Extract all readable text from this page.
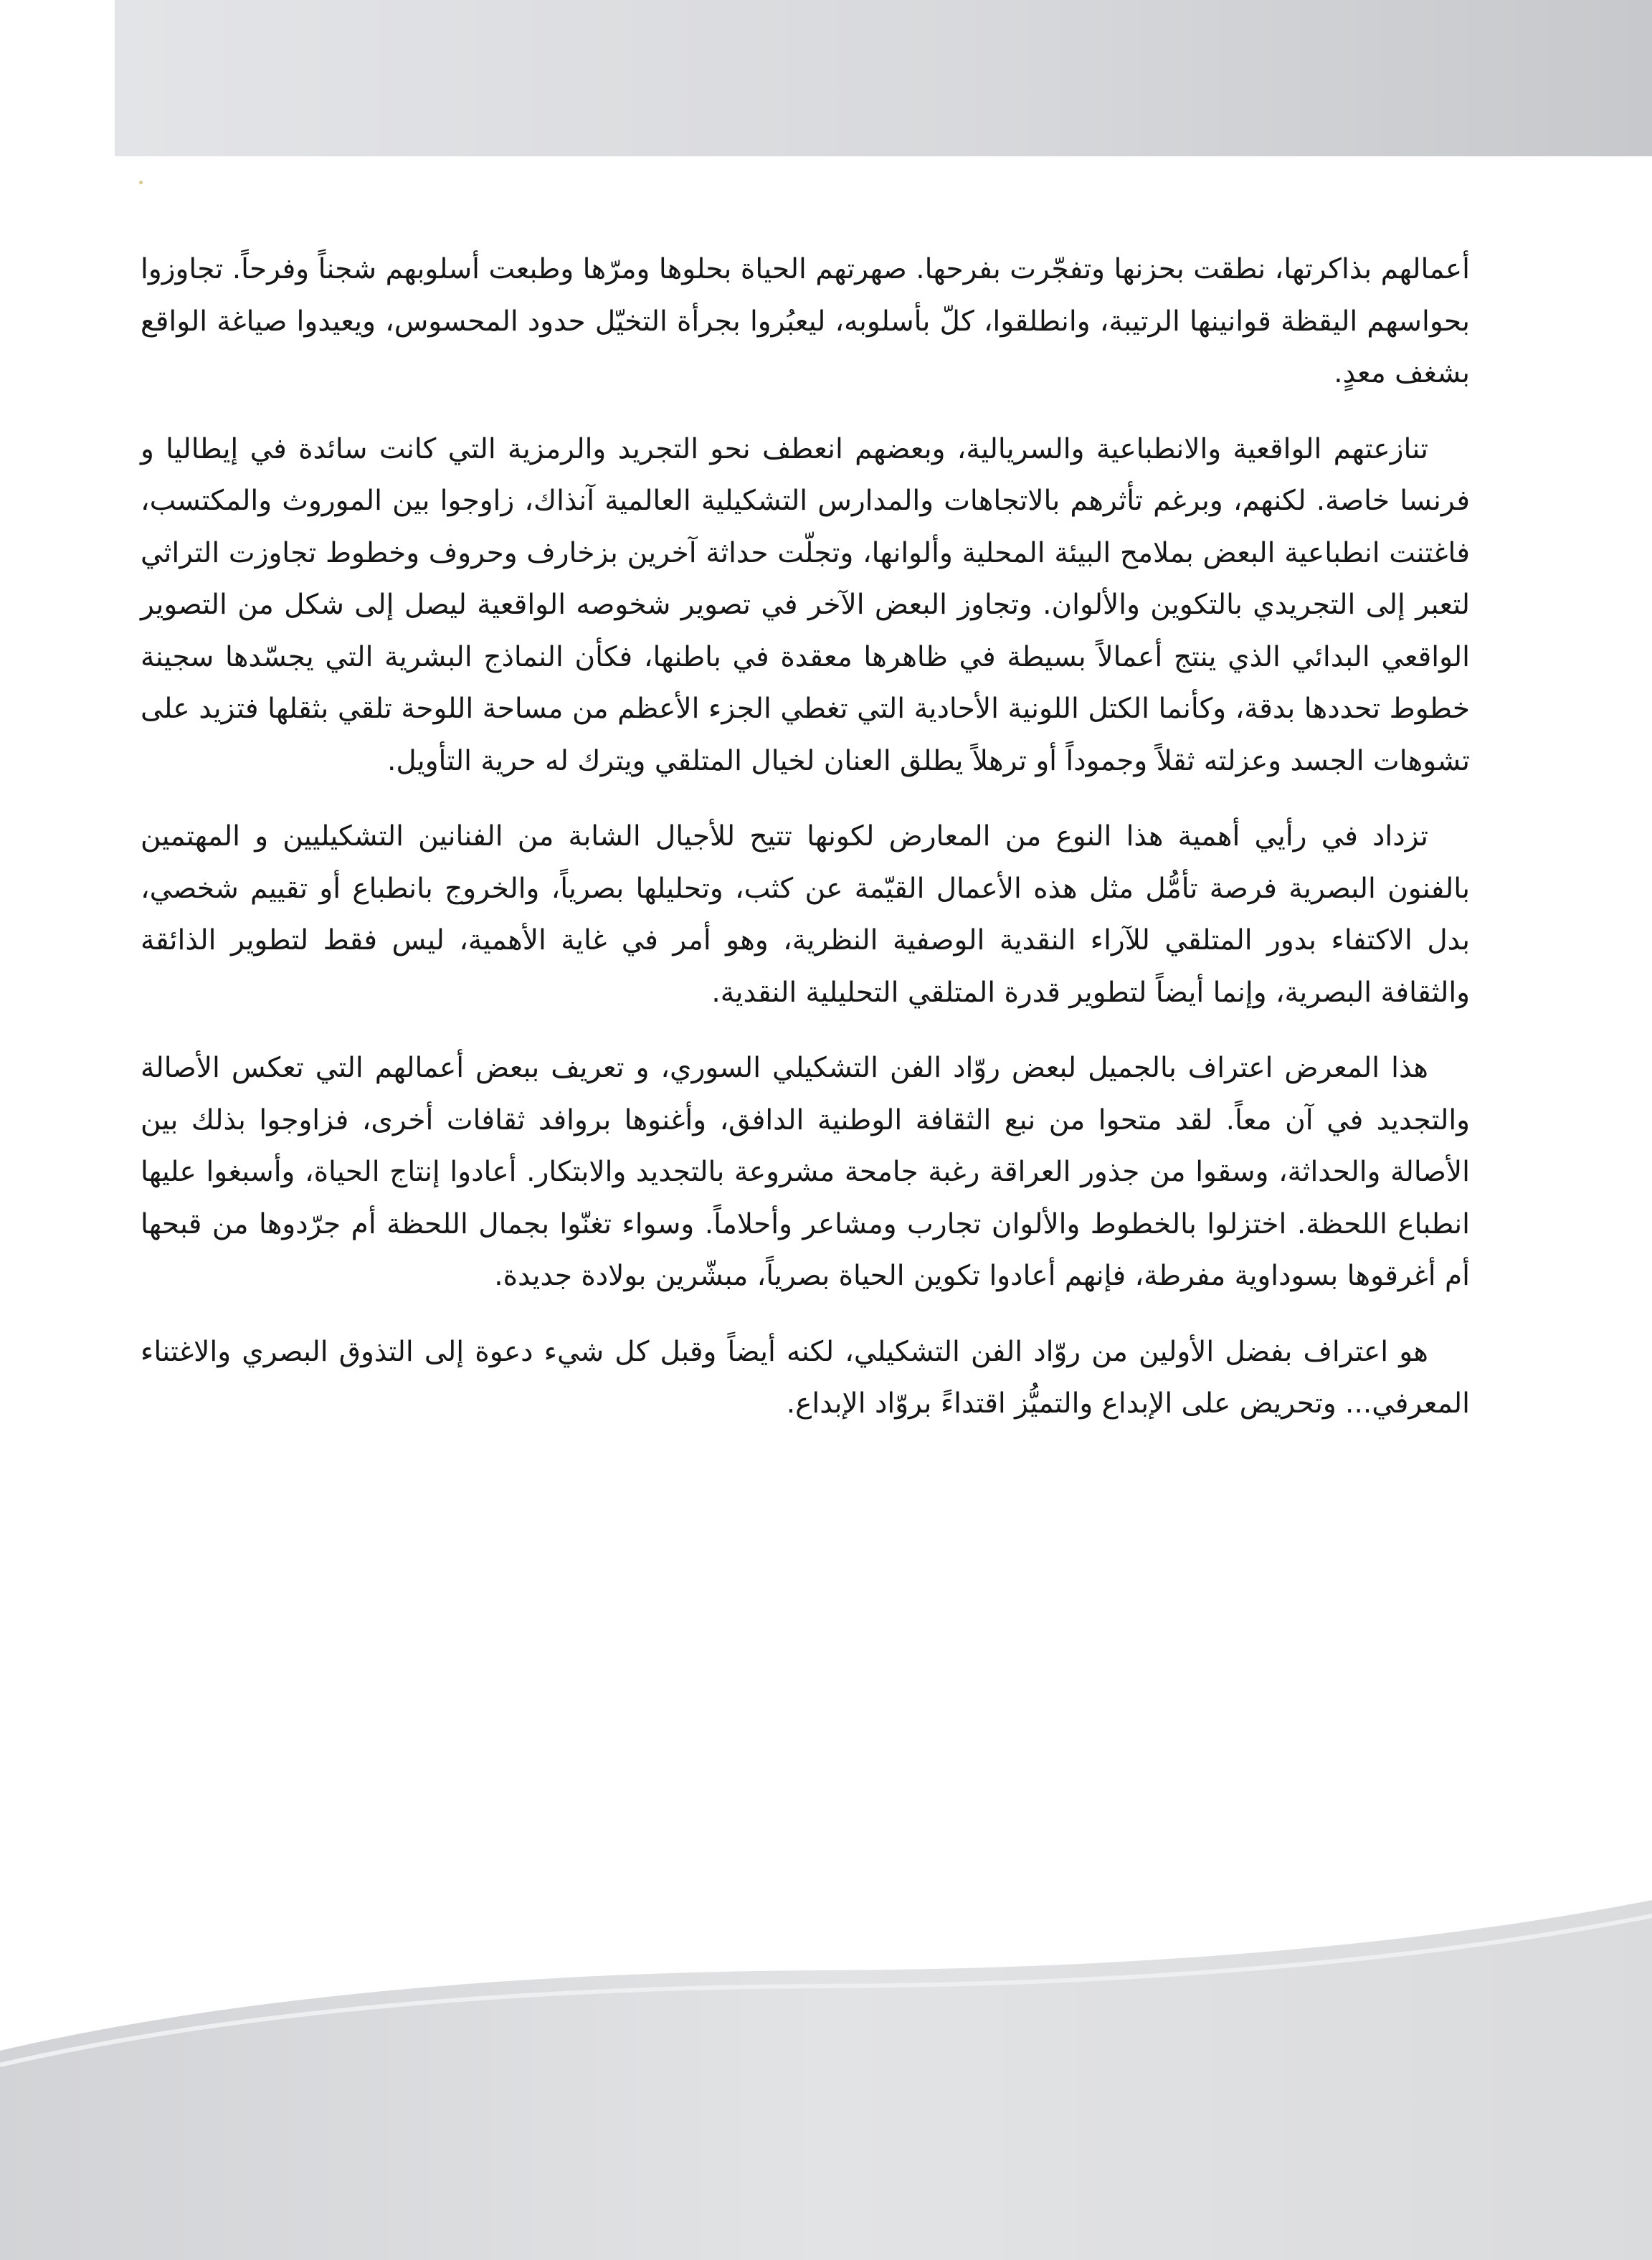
أعمالهم بذاكرتها، نطقت بحزنها وتفجّرت بفرحها. صهرتهم الحياة بحلوها ومرّها وطبعت أسلوبهم شجناً وفرحاً. تجاوزوا بحواسهم اليقظة قوانينها الرتيبة، وانطلقوا، كلّ بأسلوبه، ليعبُروا بجرأة التخيّل حدود المحسوس، ويعيدوا صياغة الواقع بشغف معدٍ.

تنازعتهم الواقعية والانطباعية والسريالية، وبعضهم انعطف نحو التجريد والرمزية التي كانت سائدة في إيطاليا و فرنسا خاصة. لكنهم، وبرغم تأثرهم بالاتجاهات والمدارس التشكيلية العالمية آنذاك، زاوجوا بين الموروث والمكتسب، فاغتنت انطباعية البعض بملامح البيئة المحلية وألوانها، وتجلّت حداثة آخرين بزخارف وحروف وخطوط تجاوزت التراثي لتعبر إلى التجريدي بالتكوين والألوان. وتجاوز البعض الآخر في تصوير شخوصه الواقعية ليصل إلى شكل من التصوير الواقعي البدائي الذي ينتج أعمالاً بسيطة في ظاهرها معقدة في باطنها، فكأن النماذج البشرية التي يجسّدها سجينة خطوط تحددها بدقة، وكأنما الكتل اللونية الأحادية التي تغطي الجزء الأعظم من مساحة اللوحة تلقي بثقلها فتزيد على تشوهات الجسد وعزلته ثقلاً وجموداً أو ترهلاً يطلق العنان لخيال المتلقي ويترك له حرية التأويل.

تزداد في رأيي أهمية هذا النوع من المعارض لكونها تتيح للأجيال الشابة من الفنانين التشكيليين و المهتمين بالفنون البصرية فرصة تأمُّل مثل هذه الأعمال القيّمة عن كثب، وتحليلها بصرياً، والخروج بانطباع أو تقييم شخصي، بدل الاكتفاء بدور المتلقي للآراء النقدية الوصفية النظرية، وهو أمر في غاية الأهمية، ليس فقط لتطوير الذائقة والثقافة البصرية، وإنما أيضاً لتطوير قدرة المتلقي التحليلية النقدية.

هذا المعرض اعتراف بالجميل لبعض روّاد الفن التشكيلي السوري، و تعريف ببعض أعمالهم التي تعكس الأصالة والتجديد في آن معاً. لقد متحوا من نبع الثقافة الوطنية الدافق، وأغنوها بروافد ثقافات أخرى، فزاوجوا بذلك بين الأصالة والحداثة، وسقوا من جذور العراقة رغبة جامحة مشروعة بالتجديد والابتكار. أعادوا إنتاج الحياة، وأسبغوا عليها انطباع اللحظة. اختزلوا بالخطوط والألوان تجارب ومشاعر وأحلاماً. وسواء تغنّوا بجمال اللحظة أم جرّدوها من قبحها أم أغرقوها بسوداوية مفرطة، فإنهم أعادوا تكوين الحياة بصرياً، مبشّرين بولادة جديدة.

هو اعتراف بفضل الأولين من روّاد الفن التشكيلي، لكنه أيضاً وقبل كل شيء دعوة إلى التذوق البصري والاغتناء المعرفي... وتحريض على الإبداع والتميُّز اقتداءً بروّاد الإبداع.
